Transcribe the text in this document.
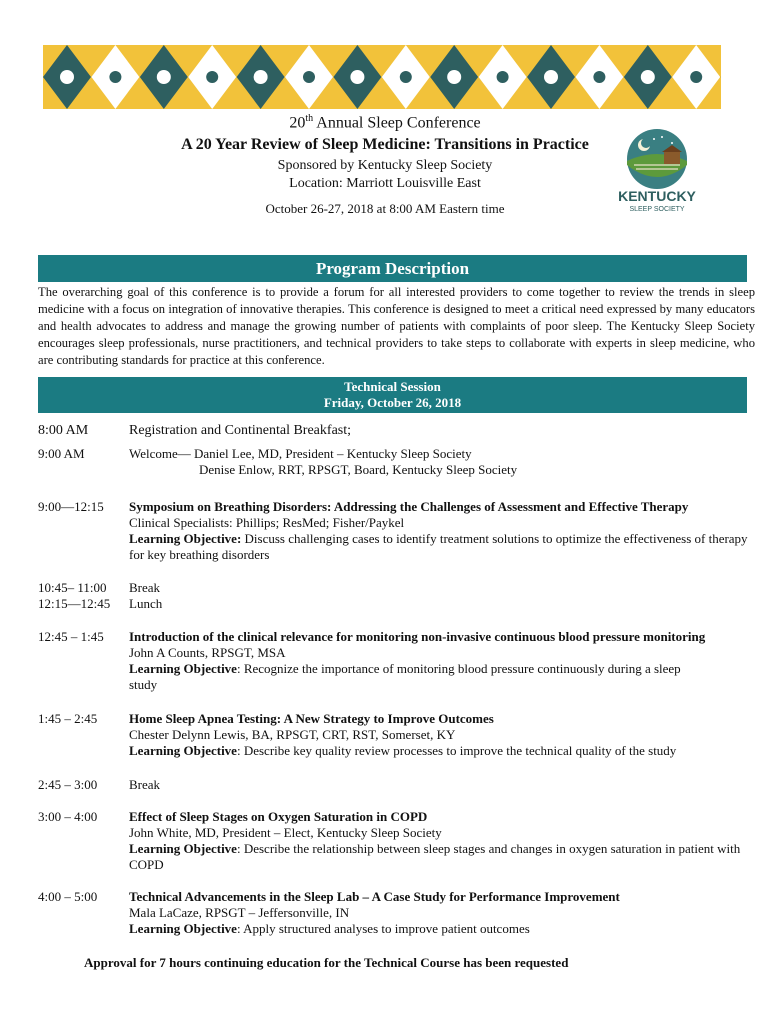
20th Annual Sleep Conference
A 20 Year Review of Sleep Medicine: Transitions in Practice
Sponsored by Kentucky Sleep Society
Location: Marriott Louisville East
October 26-27, 2018 at 8:00 AM Eastern time
KENTUCKY
SLEEP SOCIETY
Program Description
The overarching goal of this conference is to provide a forum for all interested providers to come together to review the trends in sleep medicine with a focus on integration of innovative therapies. This conference is designed to meet a critical need expressed by many educators and health advocates to address and manage the growing number of patients with complaints of poor sleep. The Kentucky Sleep Society encourages sleep professionals, nurse practitioners, and technical providers to take steps to collaborate with experts in sleep medicine, who are contributing standards for practice at this conference.
Technical Session
Friday, October 26, 2018
8:00 AM	Registration and Continental Breakfast;
9:00 AM	Welcome— Daniel Lee, MD, President – Kentucky Sleep Society
Denise Enlow, RRT, RPSGT, Board, Kentucky Sleep Society
9:00—12:15	Symposium on Breathing Disorders: Addressing the Challenges of Assessment and Effective Therapy
Clinical Specialists: Phillips; ResMed; Fisher/Paykel
Learning Objective: Discuss challenging cases to identify treatment solutions to optimize the effectiveness of therapy for key breathing disorders
10:45– 11:00	Break
12:15—12:45	Lunch
12:45 – 1:45	Introduction of the clinical relevance for monitoring non-invasive continuous blood pressure monitoring
John A Counts, RPSGT, MSA
Learning Objective: Recognize the importance of monitoring blood pressure continuously during a sleep study
1:45 – 2:45	Home Sleep Apnea Testing: A New Strategy to Improve Outcomes
Chester Delynn Lewis, BA, RPSGT, CRT, RST, Somerset, KY
Learning Objective: Describe key quality review processes to improve the technical quality of the study
2:45 – 3:00	Break
3:00 – 4:00	Effect of Sleep Stages on Oxygen Saturation in COPD
John White, MD, President – Elect, Kentucky Sleep Society
Learning Objective: Describe the relationship between sleep stages and changes in oxygen saturation in patient with COPD
4:00 – 5:00	Technical Advancements in the Sleep Lab – A Case Study for Performance Improvement
Mala LaCaze, RPSGT – Jeffersonville, IN
Learning Objective: Apply structured analyses to improve patient outcomes
Approval for 7 hours continuing education for the Technical Course has been requested
